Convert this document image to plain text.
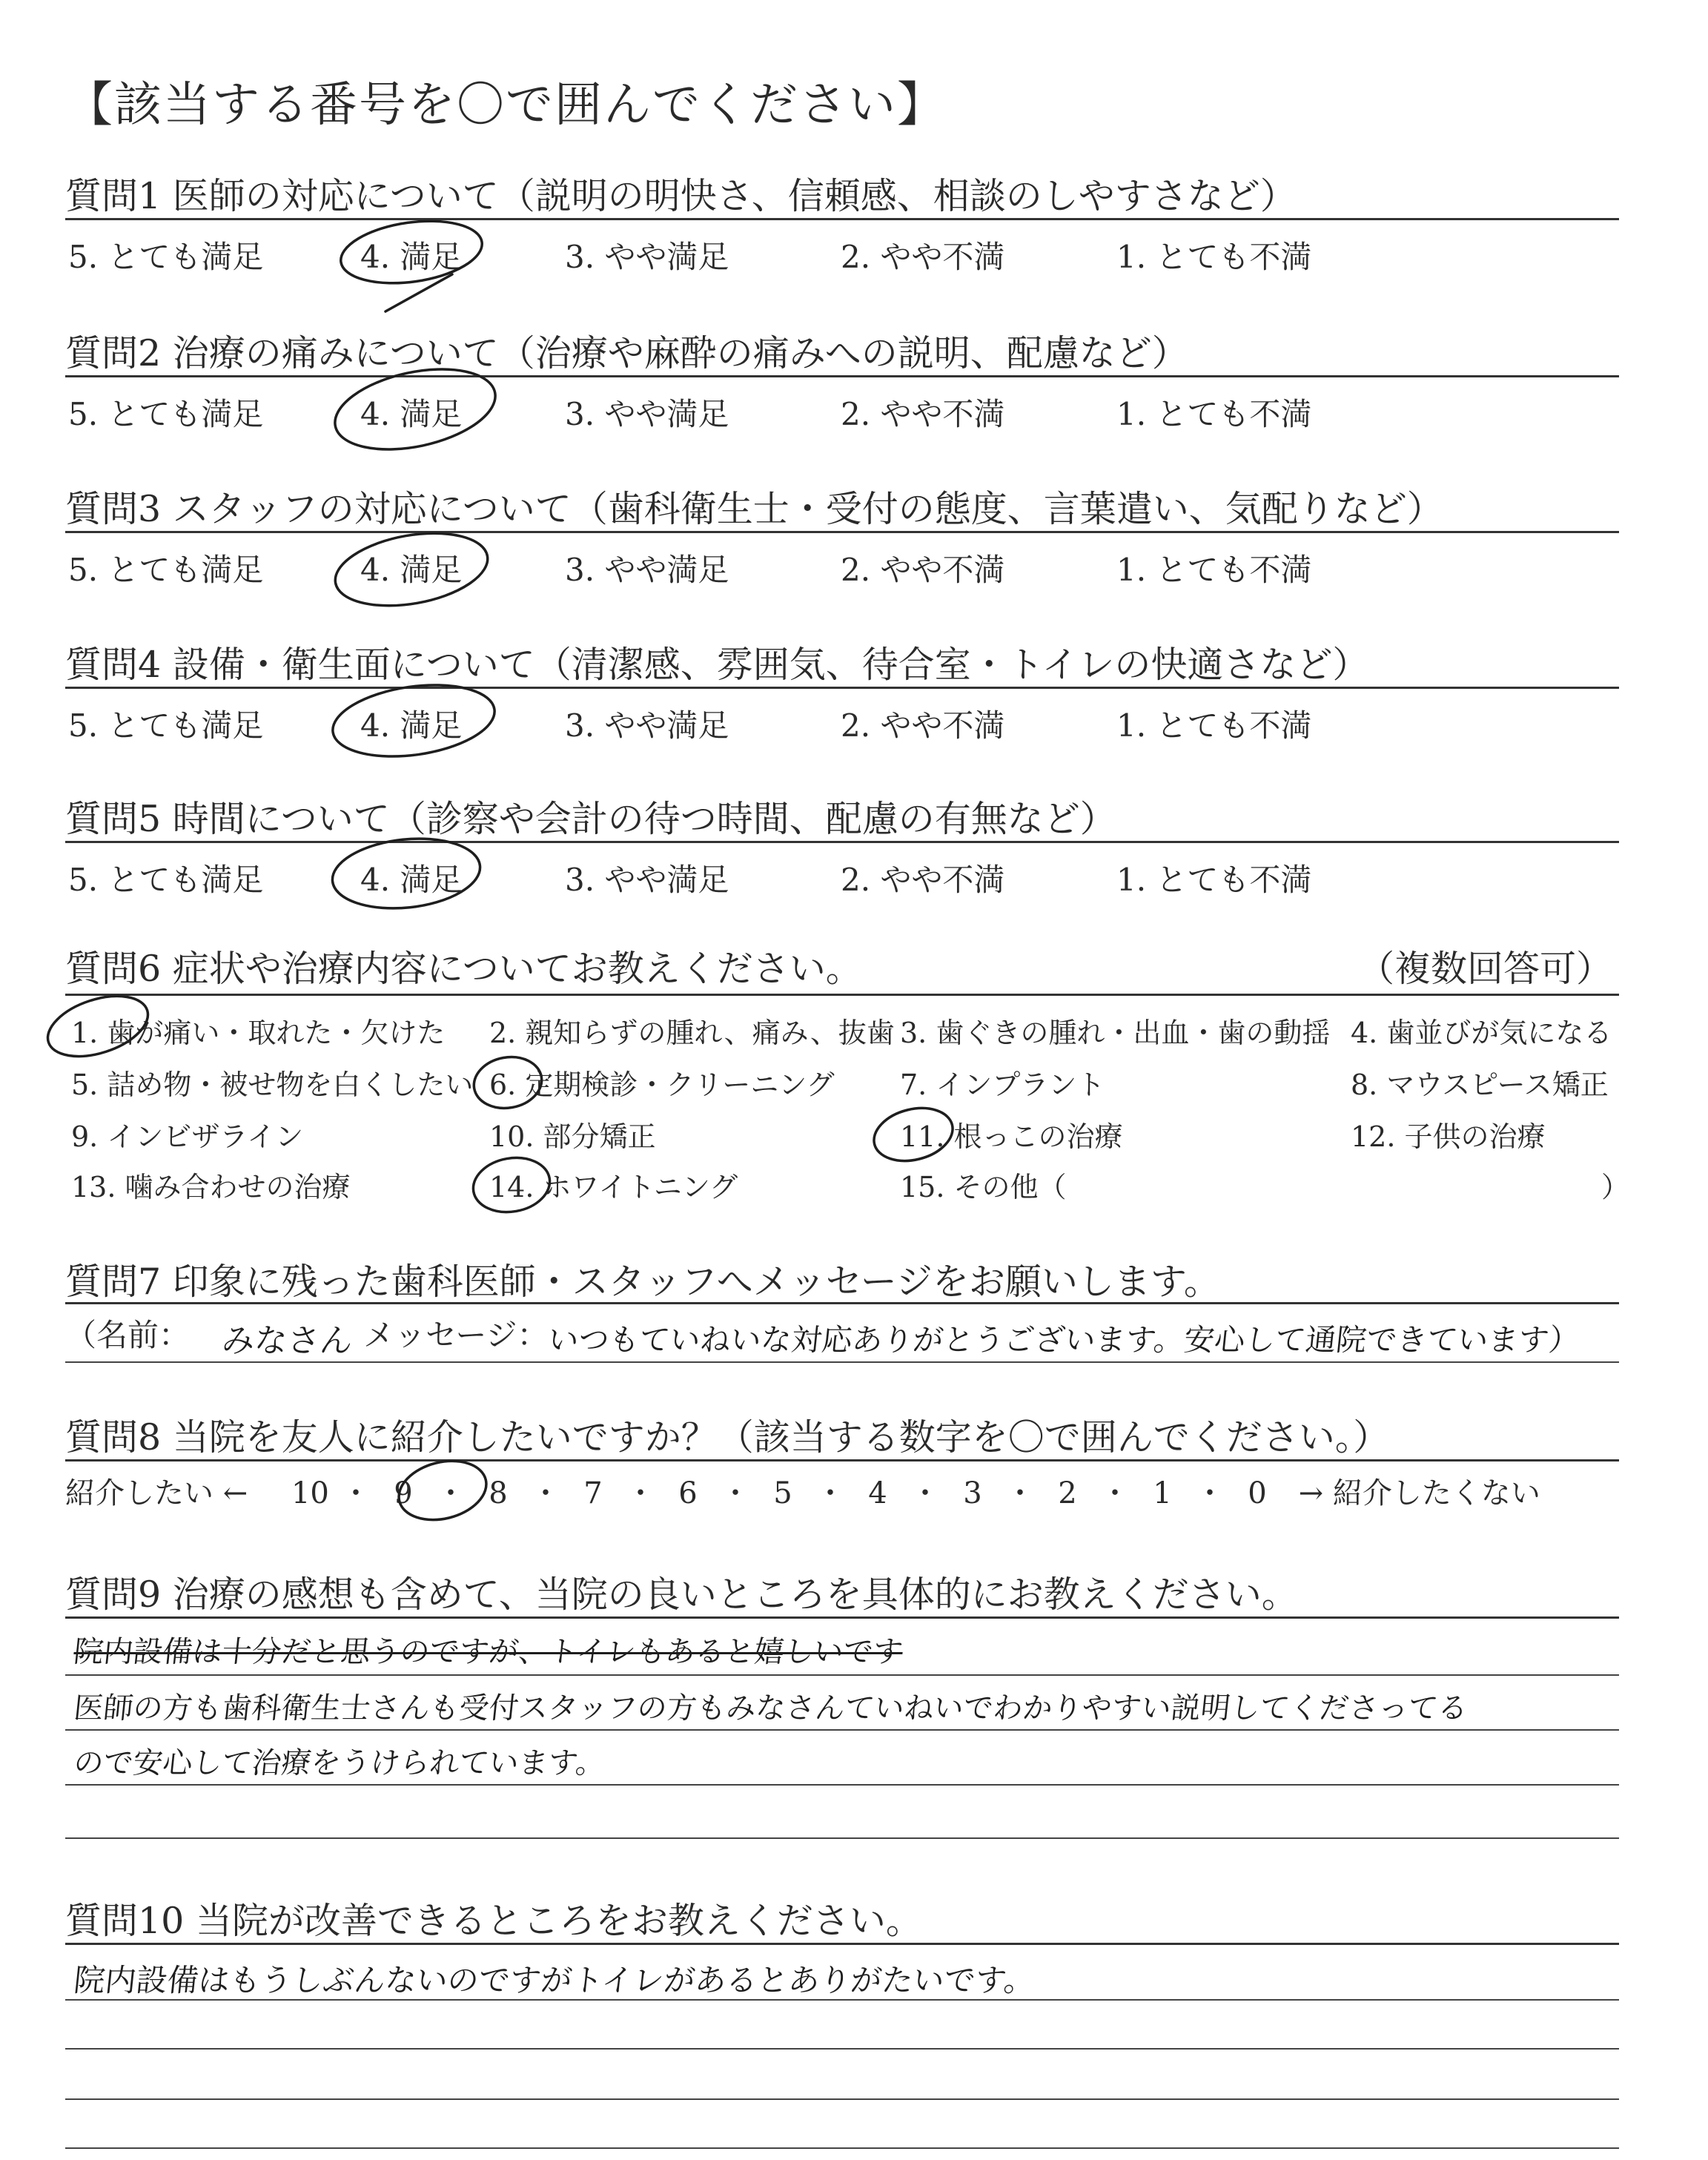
【該当する番号を〇で囲んでください】
質問1 医師の対応について（説明の明快さ、信頼感、相談のしやすさなど）
5. とても満足	4. 満足	3. やや満足	2. やや不満	1. とても不満
質問2 治療の痛みについて（治療や麻酔の痛みへの説明、配慮など）
5. とても満足	4. 満足	3. やや満足	2. やや不満	1. とても不満
質問3 スタッフの対応について（歯科衛生士・受付の態度、言葉遣い、気配りなど）
5. とても満足	4. 満足	3. やや満足	2. やや不満	1. とても不満
質問4 設備・衛生面について（清潔感、雰囲気、待合室・トイレの快適さなど）
5. とても満足	4. 満足	3. やや満足	2. やや不満	1. とても不満
質問5 時間について（診察や会計の待つ時間、配慮の有無など）
5. とても満足	4. 満足	3. やや満足	2. やや不満	1. とても不満
質問6 症状や治療内容についてお教えください。	（複数回答可）
1. 歯が痛い・取れた・欠けた 2. 親知らずの腫れ、痛み、抜歯 3. 歯ぐきの腫れ・出血・歯の動揺 4. 歯並びが気になる
5. 詰め物・被せ物を白くしたい 6. 定期検診・クリーニング 7. インプラント	8. マウスピース矯正
9. インビザライン	10. 部分矯正	11. 根っこの治療	12. 子供の治療
13. 噛み合わせの治療	14. ホワイトニング	15. その他（	）
質問7 印象に残った歯科医師・スタッフへメッセージをお願いします。
（名前： みなさん メッセージ：
いつもていねいな対応ありがとうございます。安心して通院できています）
質問8 当院を友人に紹介したいですか？（該当する数字を〇で囲んでください。）
紹介したい ← 10 ・ 9 ・ 8 ・ 7 ・ 6 ・ 5 ・ 4 ・ 3 ・ 2 ・ 1 ・ 0 → 紹介したくない
質問9 治療の感想も含めて、当院の良いところを具体的にお教えください。
院内設備は十分だと思うのですが、トイレもあると嬉しいです
医師の方も歯科衛生士さんも受付スタッフの方もみなさんていねいでわかりやすい説明してくださってる
ので安心して治療をうけられています。
質問10 当院が改善できるところをお教えください。
院内設備はもうしぶんないのですがトイレがあるとありがたいです。
